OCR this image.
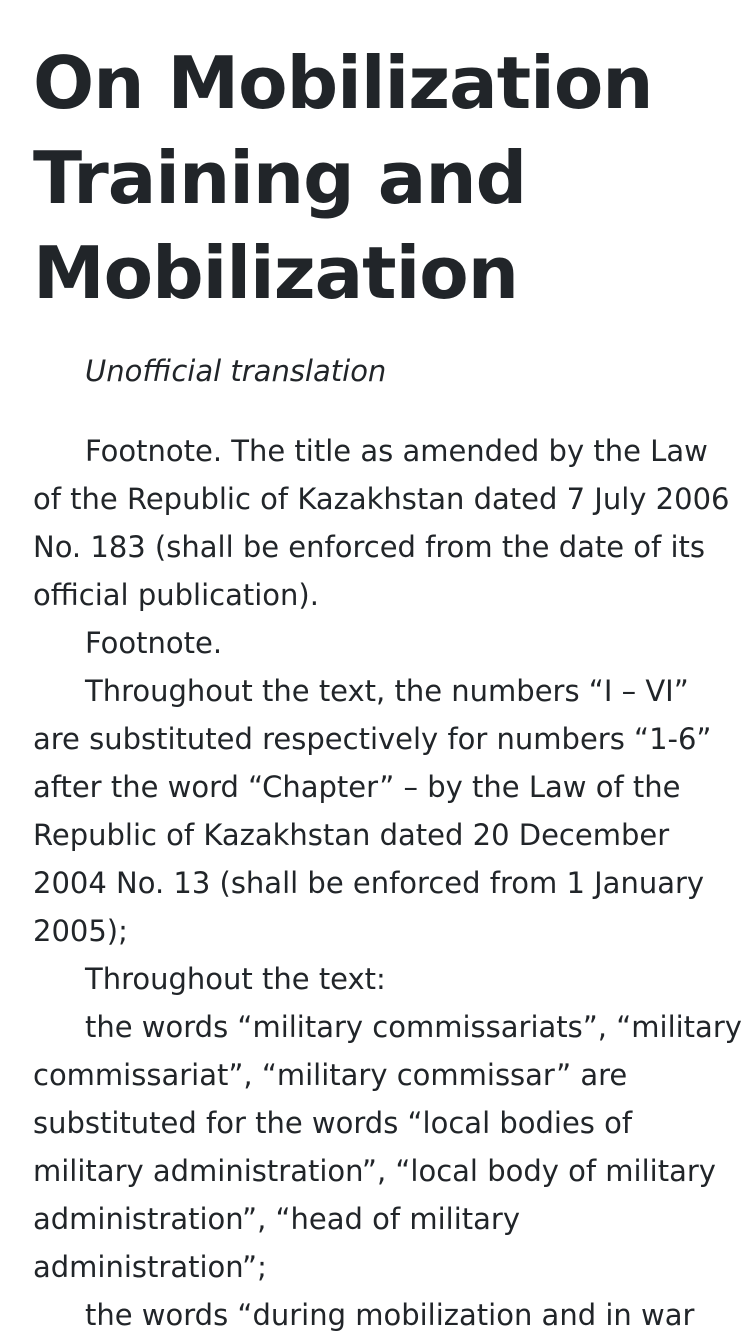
On Mobilization
Training and
Mobilization

Unofficial translation

Footnote. The title as amended by the Law
of the Republic of Kazakhstan dated 7 July 2006
No. 183 (shall be enforced from the date of its
official publication).

Footnote.

Throughout the text, the numbers “I – VI”
are substituted respectively for numbers “1-6”
after the word “Chapter” – by the Law of the
Republic of Kazakhstan dated 20 December
2004 No. 13 (shall be enforced from 1 January
2005);

Throughout the text:

the words “military commissariats”, “military
commissariat”, “military commissar” are
substituted for the words “local bodies of
military administration”, “local body of military
administration”, “head of military
administration”;

the words “during mobilization and in war
